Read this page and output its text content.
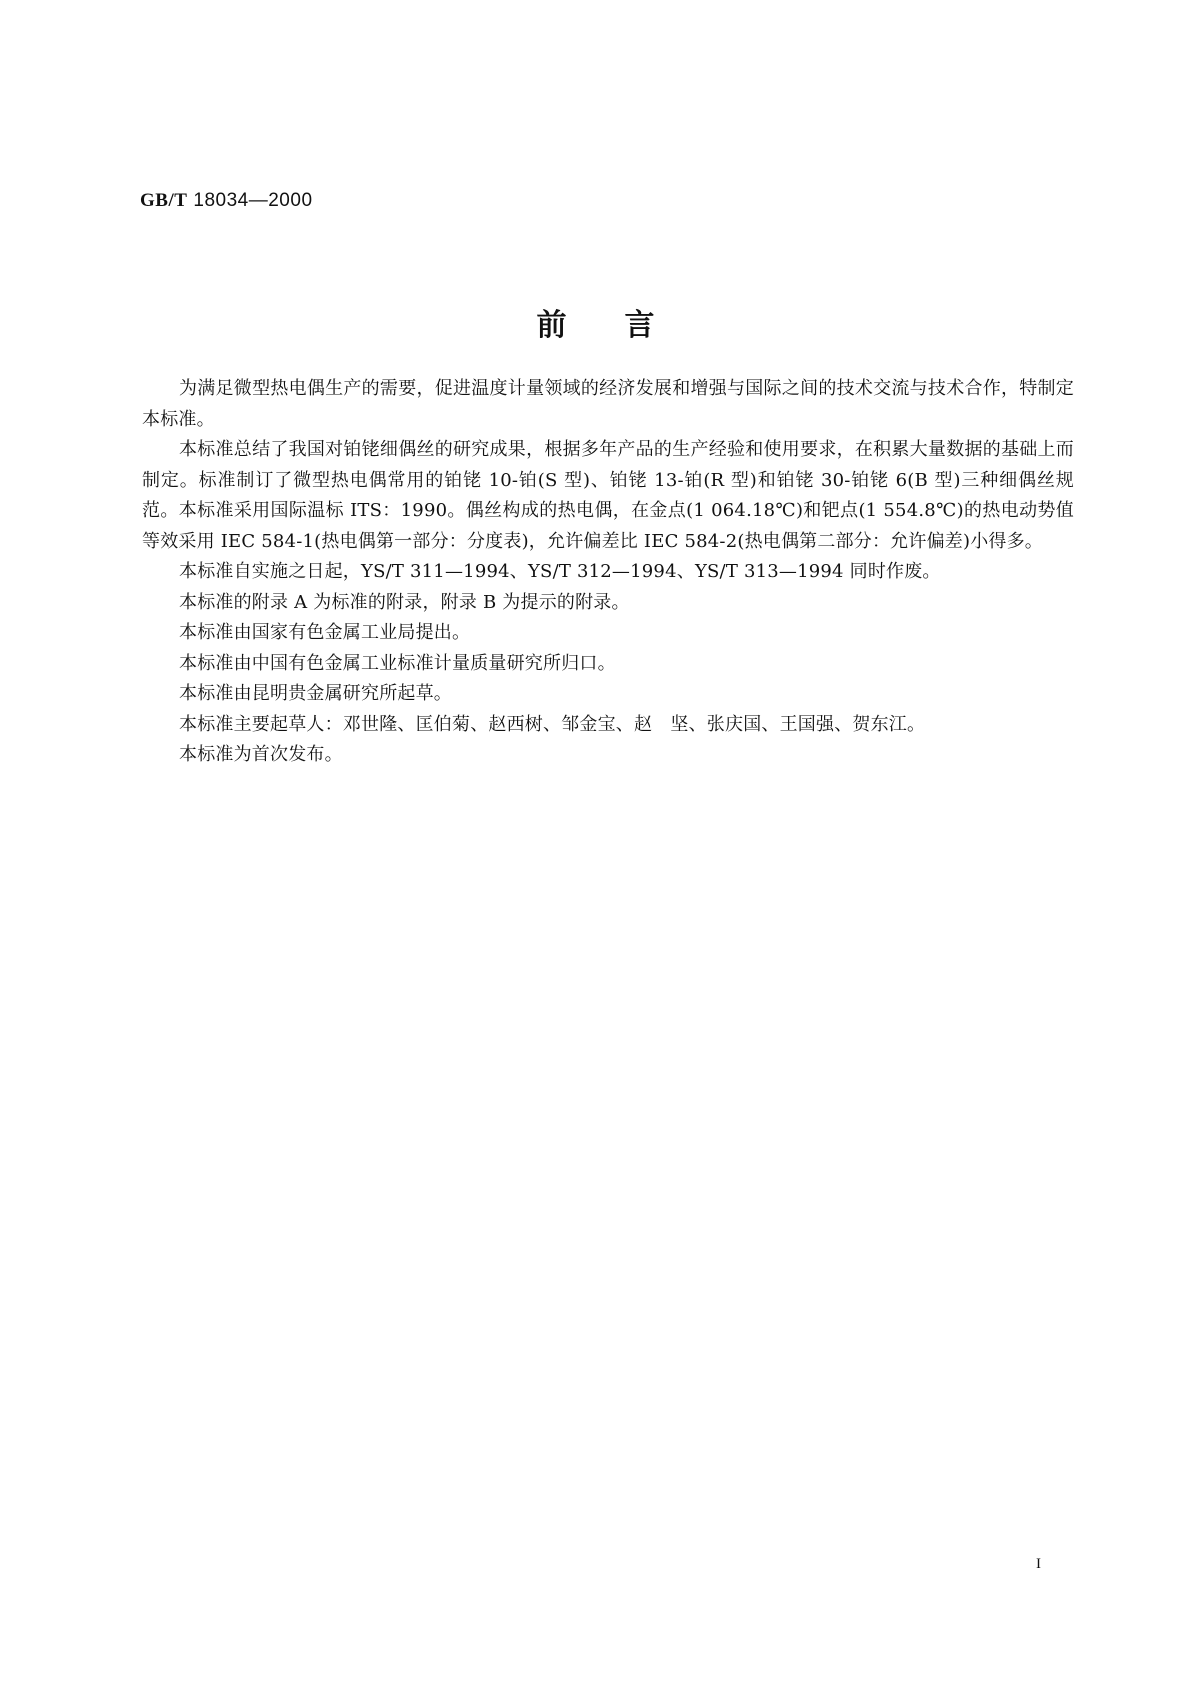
GB/T 18034—2000
前言

为满足微型热电偶生产的需要，促进温度计量领域的经济发展和增强与国际之间的技术交流与技术合作，特制定本标准。

本标准总结了我国对铂铑细偶丝的研究成果，根据多年产品的生产经验和使用要求，在积累大量数据的基础上而制定。标准制订了微型热电偶常用的铂铑 10-铂(S 型)、铂铑 13-铂(R 型)和铂铑 30-铂铑 6(B 型)三种细偶丝规范。本标准采用国际温标 ITS：1990。偶丝构成的热电偶，在金点(1 064.18℃)和钯点(1 554.8℃)的热电动势值等效采用 IEC 584-1(热电偶第一部分：分度表)，允许偏差比 IEC 584-2(热电偶第二部分：允许偏差)小得多。

本标准自实施之日起，YS/T 311—1994、YS/T 312—1994、YS/T 313—1994 同时作废。

本标准的附录 A 为标准的附录，附录 B 为提示的附录。

本标准由国家有色金属工业局提出。

本标准由中国有色金属工业标准计量质量研究所归口。

本标准由昆明贵金属研究所起草。

本标准主要起草人：邓世隆、匡伯菊、赵西树、邹金宝、赵　坚、张庆国、王国强、贺东江。

本标准为首次发布。

I
